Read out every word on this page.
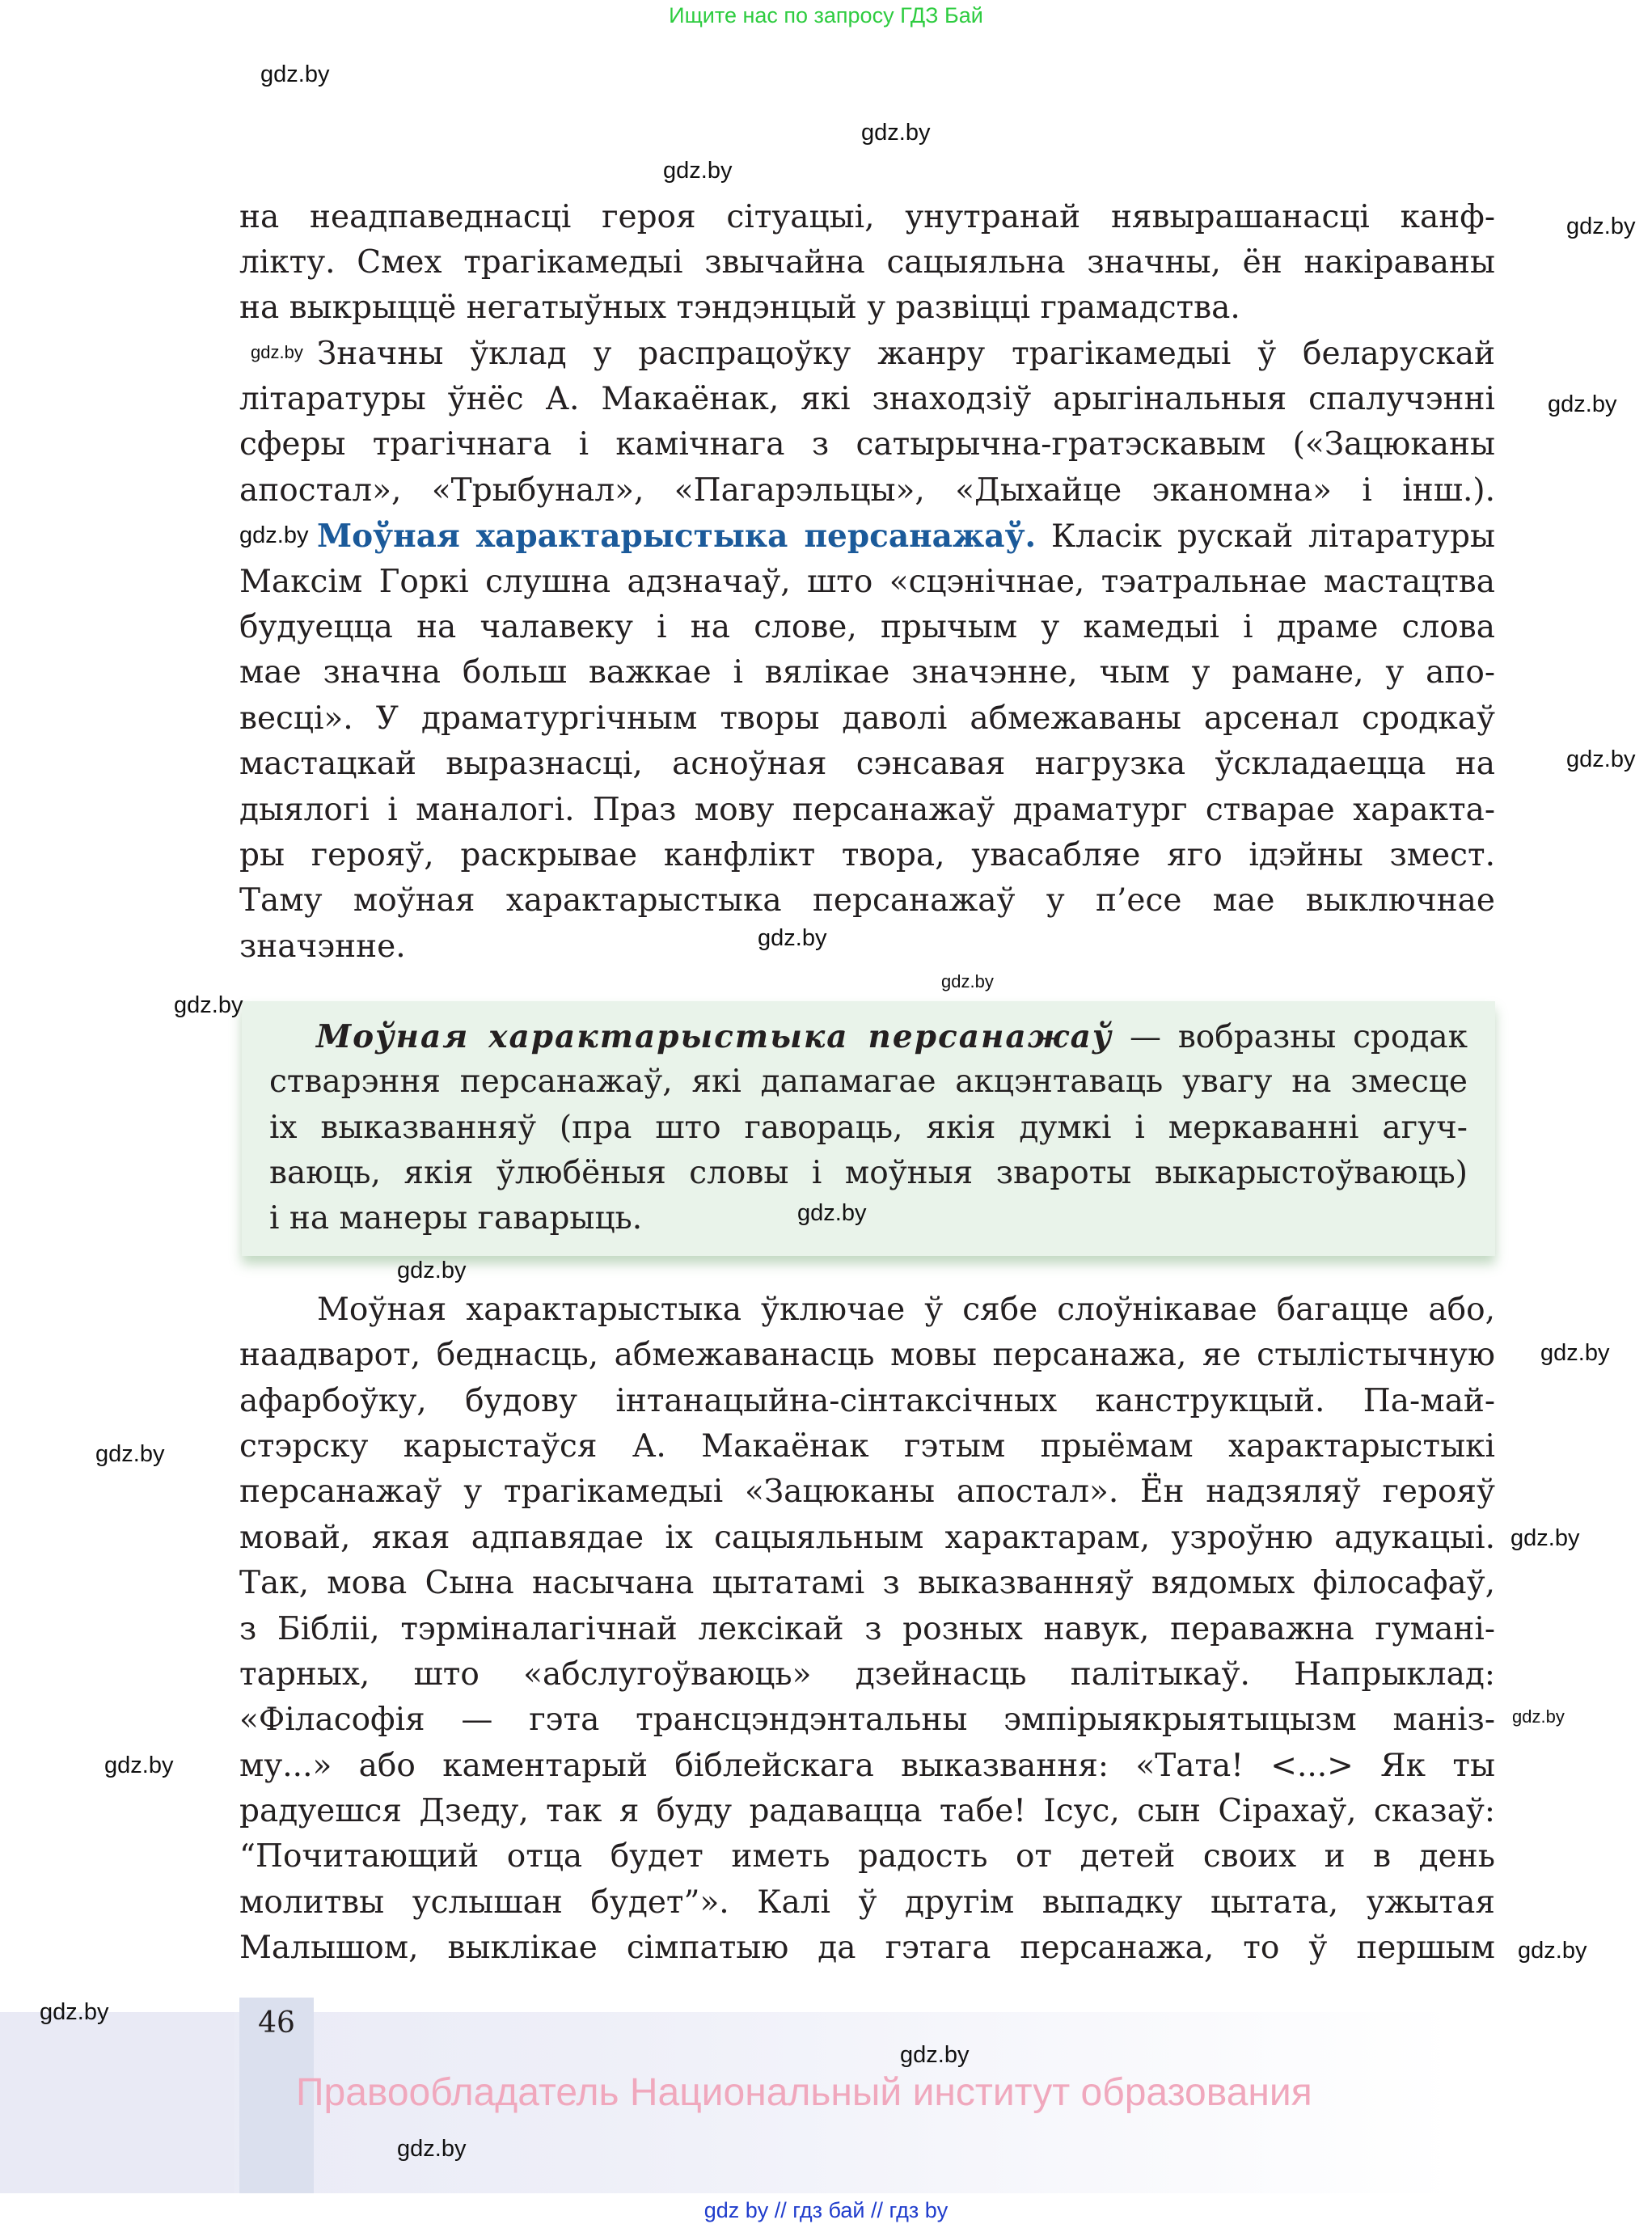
Ищите нас по запросу ГДЗ Бай
на неадпаведнасці героя сітуацыі, унутранай нявырашанасці канф-
лікту. Смех трагікамедыі звычайна сацыяльна значны, ён накіраваны
на выкрыццё негатыўных тэндэнцый у развіцці грамадства.
Значны ўклад у распрацоўку жанру трагікамедыі ў беларускай
літаратуры ўнёс А. Макаёнак, які знаходзіў арыгінальныя спалучэнні
сферы трагічнага і камічнага з сатырычна-гратэскавым («Зацюканы
апостал», «Трыбунал», «Пагарэльцы», «Дыхайце эканомна» і інш.).
Моўная характарыстыка персанажаў. Класік рускай літаратуры
Максім Горкі слушна адзначаў, што «сцэнічнае, тэатральнае мастацтва
будуецца на чалавеку і на слове, прычым у камедыі і драме слова
мае значна больш важкае і вялікае значэнне, чым у рамане, у апо-
весці». У драматургічным творы даволі абмежаваны арсенал сродкаў
мастацкай выразнасці, асноўная сэнсавая нагрузка ўскладаецца на
дыялогі і маналогі. Праз мову персанажаў драматург стварае характа-
ры герояў, раскрывае канфлікт твора, увасабляе яго ідэйны змест.
Таму моўная характарыстыка персанажаў у п’есе мае выключнае
значэнне.
Моўная характарыстыка персанажаў — вобразны сродак
стварэння персанажаў, які дапамагае акцэнтаваць увагу на змесце
іх выказванняў (пра што гавораць, якія думкі і меркаванні агуч-
ваюць, якія ўлюбёныя словы і моўныя звароты выкарыстоўваюць)
і на манеры гаварыць.
Моўная характарыстыка ўключае ў сябе слоўнікавае багацце або,
наадварот, беднасць, абмежаванасць мовы персанажа, яе стылістычную
афарбоўку, будову інтанацыйна-сінтаксічных канструкцый. Па-май-
стэрску карыстаўся А. Макаёнак гэтым прыёмам характарыстыкі
персанажаў у трагікамедыі «Зацюканы апостал». Ён надзяляў герояў
мовай, якая адпавядае іх сацыяльным характарам, узроўню адукацыі.
Так, мова Сына насычана цытатамі з выказванняў вядомых філосафаў,
з Біблii, тэрміналагічнай лексікай з розных навук, пераважна гуманi-
тарных, што «абслугоўваюць» дзейнасць палітыкаў. Напрыклад:
«Філасофія — гэта трансцэндэнтальны эмпірыякрыятыцызм маніз-
му...» або каментарый біблейскага выказвання: «Тата! <...> Як ты
радуешся Дзеду, так я буду радавацца табе! Ісус, сын Сірахаў, сказаў:
“Почитающий отца будет иметь радость от детей своих и в день
молитвы услышан будет”». Калі ў другім выпадку цытата, ужытая
Малышом, выклікае сімпатыю да гэтага персанажа, то ў першым
46
Правообладатель Национальный институт образования
gdz by // гдз бай // гдз by
gdz.by
gdz.by
gdz.by
gdz.by
gdz.by
gdz.by
gdz.by
gdz.by
gdz.by
gdz.by
gdz.by
gdz.by
gdz.by
gdz.by
gdz.by
gdz.by
gdz.by
gdz.by
gdz.by
gdz.by
gdz.by
gdz.by
